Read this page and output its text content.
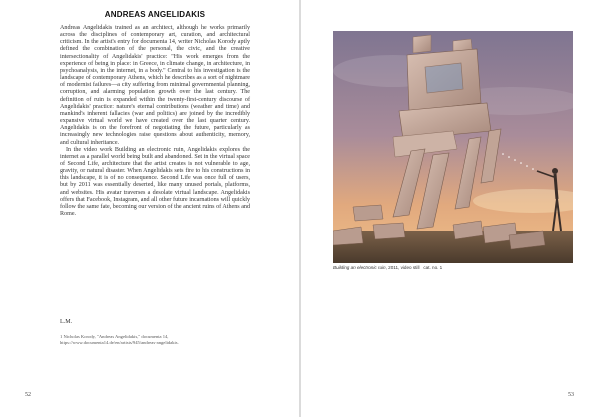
ANDREAS ANGELIDAKIS

Andreas Angelidakis trained as an architect, although he works primarily across the disciplines of contemporary art, curation, and architectural criticism. In the artist's entry for documenta 14, writer Nicholas Korody aptly defined the combination of the personal, the civic, and the creative intersectionality of Angelidakis' practice: "His work emerges from the experience of being in place: in Greece, in climate change, in architecture, in psychoanalysis, in the internet, in a body." Central to his investigation is the landscape of contemporary Athens, which he describes as a sort of nightmare of modernist failures—a city suffering from minimal governmental planning, corruption, and alarming population growth over the last century. The definition of ruin is expanded within the twenty-first-century discourse of Angelidakis' practice: nature's eternal contributions (weather and time) and mankind's inherent fallacies (war and politics) are joined by the incredibly expansive virtual world we have created over the last quarter century. Angelidakis is on the forefront of negotiating the future, particularly as increasingly new technologies raise questions about authenticity, memory, and cultural inheritance.

In the video work Building an electronic ruin, Angelidakis explores the internet as a parallel world being built and abandoned. Set in the virtual space of Second Life, architecture that the artist creates is not vulnerable to age, gravity, or natural disaster. When Angelidakis sets fire to his constructions in this landscape, it is of no consequence. Second Life was once full of users, but by 2011 was essentially deserted, like many unused portals, platforms, and websites. His avatar traverses a desolate virtual landscape. Angelidakis offers that Facebook, Instagram, and all other future incarnations will quickly follow the same fate, becoming our version of the ancient ruins of Athens and Rome.

L.M.
1 Nicholas Korody, "Andreas Angelidakis," documenta 14, https://www.documenta14.de/en/artists/945/andreas-angelidakis.
52
Building an electronic ruin, 2011, video still cat. no. 1
53
